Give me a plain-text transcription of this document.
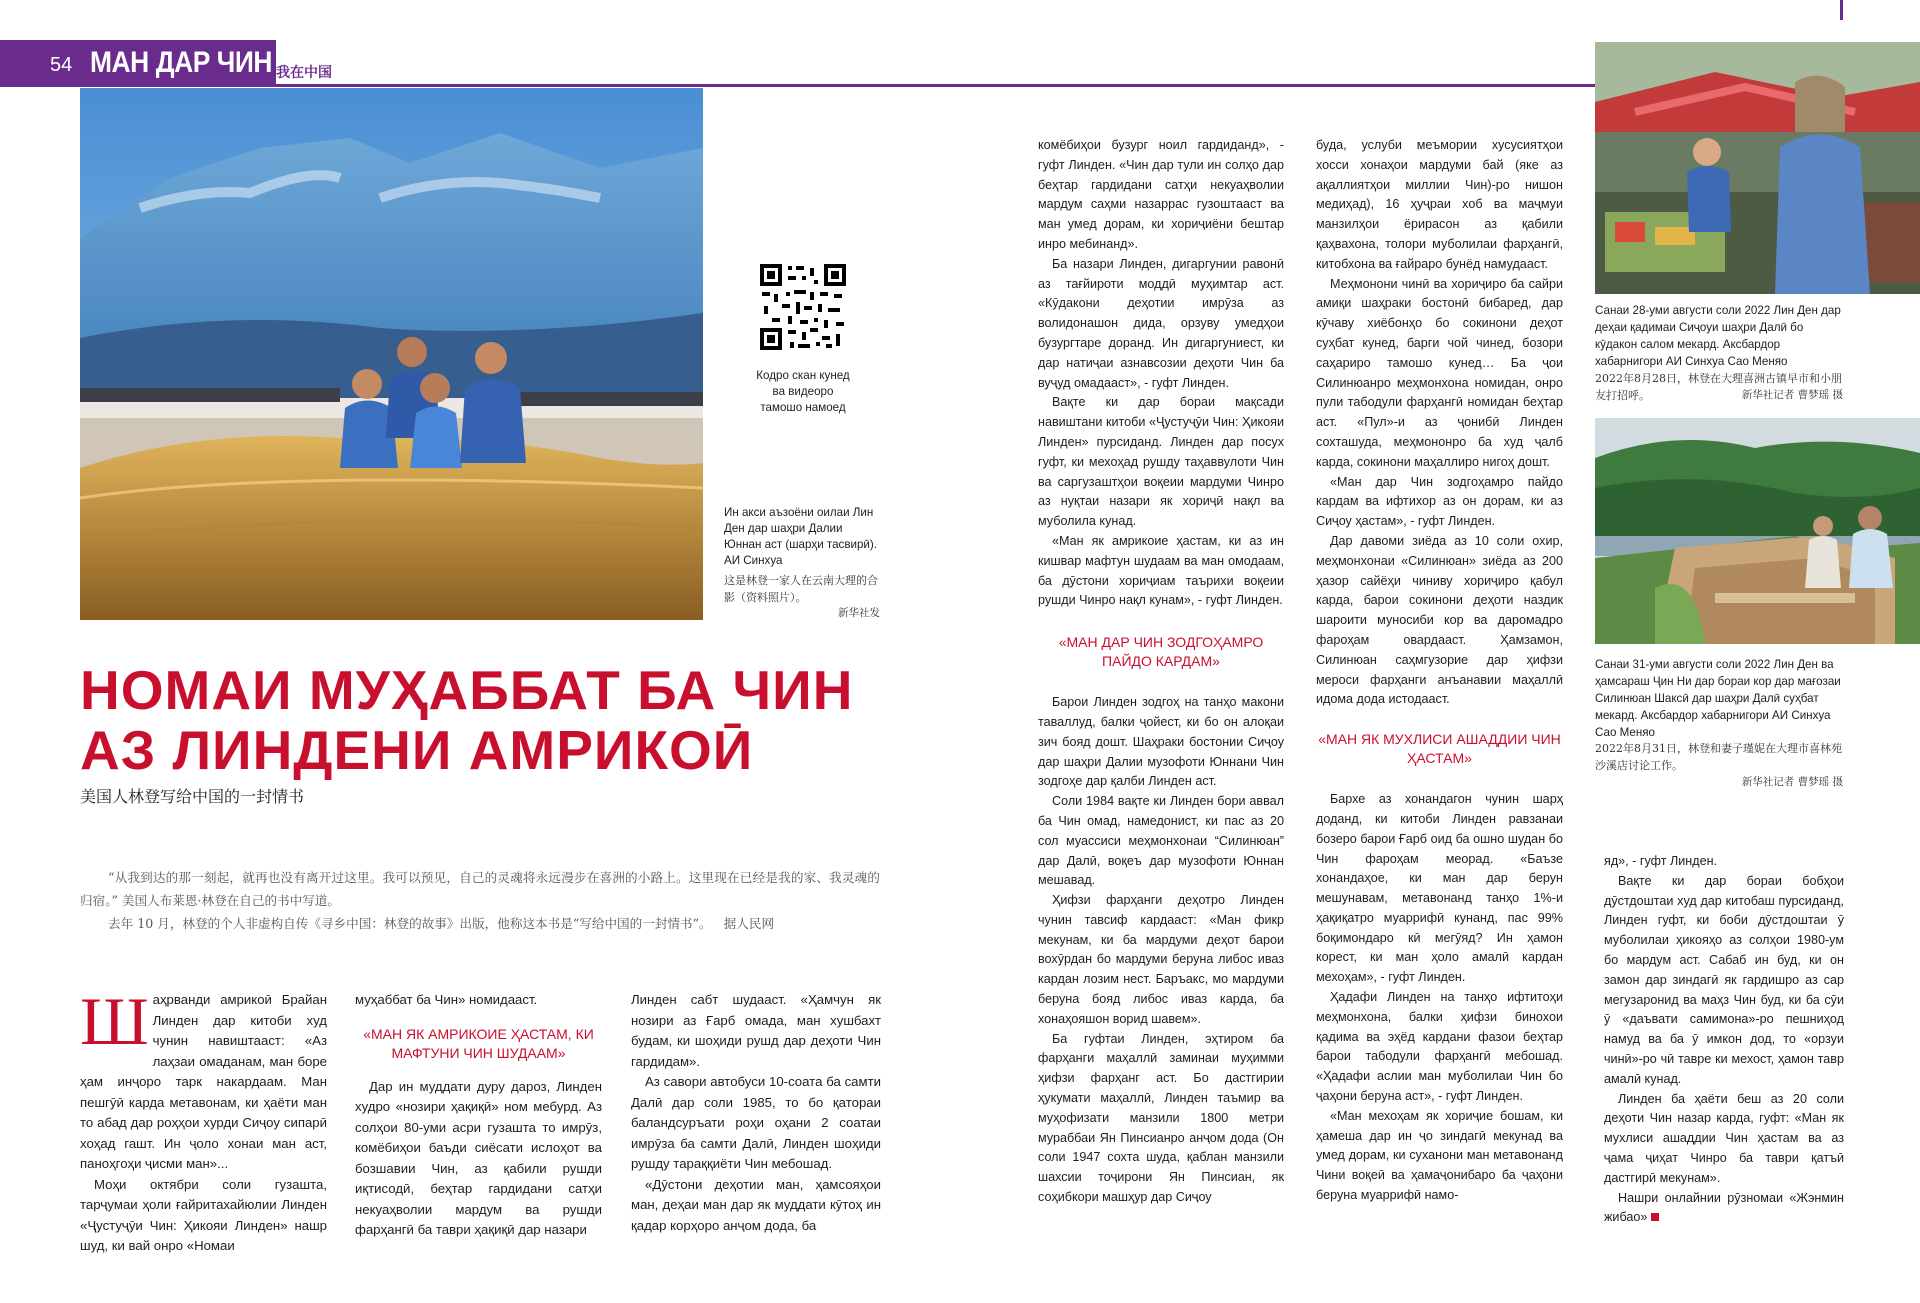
54 МАН ДАР ЧИН 我在中国
Кодро скан кунед ва видеоро тамошо намоед
Ин акси аъзоёни оилаи Лин Ден дар шаҳри Далии Юннан аст (шарҳи тасвирӣ). АИ Синхуа
这是林登一家人在云南大理的合影（资料照片）。
新华社发
НОМАИ МУҲАББАТ БА ЧИН АЗ ЛИНДЕНИ АМРИКОӢ
美国人林登写给中国的一封情书
“从我到达的那一刻起，就再也没有离开过这里。我可以预见，自己的灵魂将永远漫步在喜洲的小路上。这里现在已经是我的家、我灵魂的归宿。” 美国人布莱恩·林登在自己的书中写道。
去年 10 月，林登的个人非虚构自传《寻乡中国：林登的故事》出版，他称这本书是“写给中国的一封情书”。 据人民网
Ш аҳрванди амрикоӣ Брайан Линден дар китоби худ чунин навиштааст: «Аз лаҳзаи омаданам, ман боре ҳам инҷоро тарк накардаам. Ман пешгӯӣ карда метавонам, ки ҳаёти ман то абад дар роҳҳои хурди Сиҷоу сипарӣ хоҳад гашт. Ин ҷоло хонаи ман аст, паноҳгоҳи ҷисми ман»...

Моҳи октябри соли гузашта, тарҷумаи ҳоли ғайритахайюлии Линден «Ҷустуҷӯи Чин: Ҳикояи Линден» нашр шуд, ки вай онро «Номаи

муҳаббат ба Чин» номидааст.

«МАН ЯК АМРИКОИЕ ҲАСТАМ, КИ МАФТУНИ ЧИН ШУДААМ»

Дар ин муддати дуру дароз, Линден худро «нозири ҳақиқӣ» ном мебурд. Аз солҳои 80-уми асри гузашта то имрӯз, комёбиҳои баъди сиёсати ислоҳот ва бозшавии Чин, аз қабили рушди иқтисодӣ, беҳтар гардидани сатҳи некуаҳволии мардум ва рушди фарҳангӣ ба таври ҳақиқӣ дар назари

Линден сабт шудааст. «Ҳамчун як нозири аз Ғарб омада, ман хушбахт будам, ки шоҳиди рушд дар деҳоти Чин гардидам».

Аз савори автобуси 10-соата ба самти Далӣ дар соли 1985, то бо қатораи баландсуръати роҳи оҳани 2 соатаи имрӯза ба самти Далӣ, Линден шоҳиди рушду тараққиёти Чин мебошад.

«Дӯстони деҳотии ман, ҳамсояҳои ман, деҳаи ман дар як муддати кӯтоҳ ин қадар корҳоро анҷом дода, ба

комёбиҳои бузург ноил гардиданд», - гуфт Линден. «Чин дар тули ин солҳо дар беҳтар гардидани сатҳи некуаҳволии мардум саҳми назаррас гузоштааст ва ман умед дорам, ки хориҷиёни бештар инро мебинанд».

Ба назари Линден, дигаргунии равонӣ аз тағйироти моддӣ муҳимтар аст. «Кӯдакони деҳотии имрӯза аз волидонашон дида, орзуву умедҳои бузургтаре доранд. Ин дигаргуниест, ки дар натиҷаи азнавсозии деҳоти Чин ба вуҷуд омадааст», - гуфт Линден.

Вақте ки дар бораи мақсади навиштани китоби «Ҷустуҷӯи Чин: Ҳикояи Линден» пурсиданд. Линден дар посух гуфт, ки мехоҳад рушду таҳаввулоти Чин ва саргузаштҳои воқеии мардуми Чинро аз нуқтаи назари як хориҷӣ нақл ва муболила кунад.

«Ман як амрикоие ҳастам, ки аз ин кишвар мафтун шудаам ва ман омодаам, ба дӯстони хориҷиам таърихи воқеии рушди Чинро нақл кунам», - гуфт Линден.

«МАН ДАР ЧИН ЗОДГОҲАМРО ПАЙДО КАРДАМ»

Барои Линден зодгоҳ на танҳо макони таваллуд, балки ҷойест, ки бо он алоқаи зич бояд дошт. Шаҳраки бостонии Сиҷоу дар шаҳри Далии музофоти Юннани Чин зодгоҳе дар қалби Линден аст.

Соли 1984 вақте ки Линден бори аввал ба Чин омад, намедонист, ки пас аз 20 сол муассиси меҳмонхонаи “Силинюан” дар Далӣ, воқеъ дар музофоти Юннан мешавад.

Ҳифзи фарҳанги деҳотро Линден чунин тавсиф кардааст: «Ман фикр мекунам, ки ба мардуми деҳот барои вохӯрдан бо мардуми беруна либос иваз кардан лозим нест. Баръакс, мо мардуми беруна бояд либос иваз карда, ба хонаҳояшон ворид шавем».

Ба гуфтаи Линден, эҳтиром ба фарҳанги маҳаллӣ заминаи муҳимми ҳифзи фарҳанг аст. Бо дастгирии ҳукумати маҳаллӣ, Линден таъмир ва муҳофизати манзили 1800 метри мураббаи Ян Пинсианро анҷом дода (Он соли 1947 сохта шуда, қаблан манзили шахсии тоҷирони Ян Пинсиан, як соҳибкори машҳур дар Сиҷоу

буда, услуби меъмории хусусиятҳои хосси хонаҳои мардуми бай (яке аз ақаллиятҳои миллии Чин)-ро нишон медиҳад), 16 ҳуҷраи хоб ва маҷмуи манзилҳои ёрирасон аз қабили қаҳвахона, толори муболилаи фарҳангӣ, китобхона ва ғайраро бунёд намудааст.

Меҳмонони чинӣ ва хориҷиро ба сайри амиқи шаҳраки бостонӣ бибаред, дар кӯчаву хиёбонҳо бо сокинони деҳот суҳбат кунед, барги чой чинед, бозори саҳариро тамошо кунед… Ба ҷои Силинюанро меҳмонхона номидан, онро пули табодули фарҳангӣ номидан беҳтар аст. «Пул»-и аз ҷонибӣ Линден сохташуда, меҳмононро ба худ ҷалб карда, сокинони маҳаллиро нигоҳ дошт.

«Ман дар Чин зодгоҳамро пайдо кардам ва ифтихор аз он дорам, ки аз Сиҷоу ҳастам», - гуфт Линден.

Дар давоми зиёда аз 10 соли охир, меҳмонхонаи «Силинюан» зиёда аз 200 ҳазор сайёҳи чиниву хориҷиро қабул карда, барои сокинони деҳоти наздик шароити муносиби кор ва даромадро фароҳам овардааст. Ҳамзамон, Силинюан саҳмгузорие дар ҳифзи мероси фарҳанги анъанавии маҳаллӣ идома дода истодааст.

«МАН ЯК МУХЛИСИ АШАДДИИ ЧИН ҲАСТАМ»

Бархе аз хонандагон чунин шарҳ доданд, ки китоби Линден равзанаи бозеро барои Ғарб оид ба ошно шудан бо Чин фароҳам меорад. «Баъзе хонандаҳое, ки ман дар берун мешунавам, метавонанд танҳо 1%-и ҳақиқатро муаррифӣ кунанд, пас 99% боқимондаро кӣ мегӯяд? Ин ҳамон корест, ки ман ҳоло амалӣ кардан мехоҳам», - гуфт Линден.

Ҳадафи Линден на танҳо ифтитоҳи меҳмонхона, балки ҳифзи бинохои қадима ва эҳёд кардани фазои беҳтар барои табодули фарҳангӣ мебошад. «Ҳадафи аслии ман муболилаи Чин бо ҷаҳони беруна аст», - гуфт Линден.

«Ман мехоҳам як хориҷие бошам, ки ҳамеша дар ин ҷо зиндагӣ мекунад ва умед дорам, ки суханони ман метавонанд Чини воқеӣ ва ҳамаҷонибаро ба ҷаҳони беруна муаррифӣ намо-

яд», - гуфт Линден.

Вақте ки дар бораи бобҳои дӯстдоштаи худ дар китобаш пурсиданд, Линден гуфт, ки боби дӯстдоштаи ӯ муболилаи ҳикояҳо аз солҳои 1980-ум бо мардум аст. Сабаб ин буд, ки он замон дар зиндагӣ як гардишро аз сар мегузаронид ва маҳз Чин буд, ки ба сӯи ӯ «даъвати самимона»-ро пешниҳод намуд ва ба ӯ имкон дод, то «орзуи чинӣ»-ро чӣ тавре ки мехост, ҳамон тавр амалӣ кунад.

Линден ба ҳаёти беш аз 20 соли деҳоти Чин назар карда, гуфт: «Ман як мухлиси ашаддии Чин ҳастам ва аз ҷама ҷиҳат Чинро ба таври қатъӣ дастгирӣ мекунам».

Нашри онлайнии рӯзномаи «Жэнмин жибао»

Санаи 28-уми августи соли 2022 Лин Ден дар деҳаи қадимаи Сиҷоуи шаҳри Далӣ бо кӯдакон салом мекард. Аксбардор хабарнигори АИ Синхуа Сао Меняо
2022年8月28日，林登在大理喜洲古镇早市和小朋友打招呼。	新华社记者 曹梦瑶 摄
Санаи 31-уми августи соли 2022 Лин Ден ва ҳамсараш Ҷин Ни дар бораи кор дар мағозаи Силинюан Шаксӣ дар шаҳри Далӣ суҳбат мекард. Аксбардор хабарнигори АИ Синхуа Сао Меняо
2022年8月31日，林登和妻子瑾妮在大理市喜林苑沙溪店讨论工作。
新华社记者 曹梦瑶 摄
